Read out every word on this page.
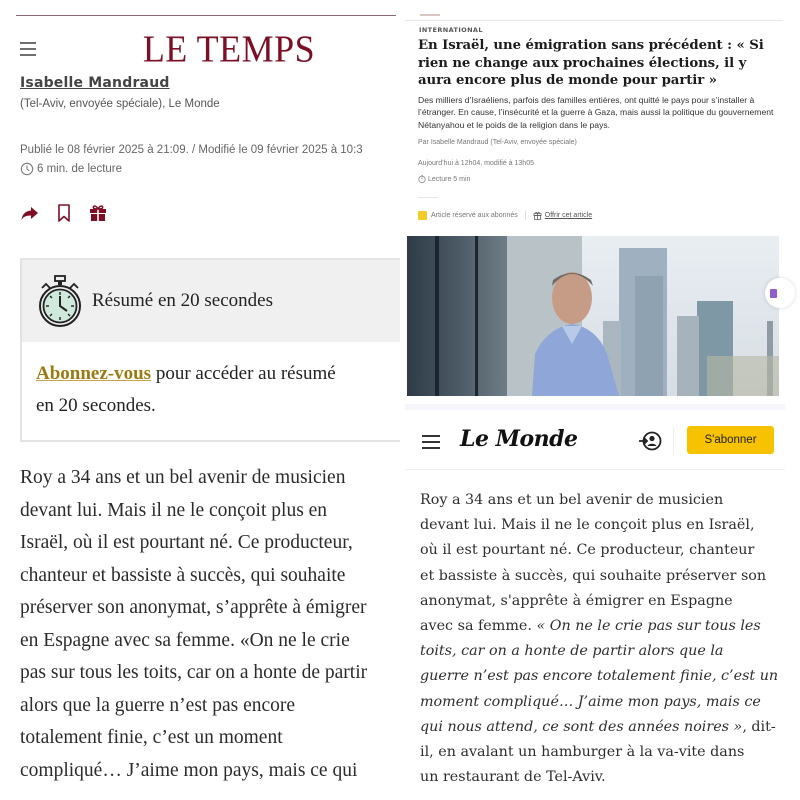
LE TEMPS
Isabelle Mandraud
(Tel-Aviv, envoyée spéciale), Le Monde
Publié le 08 février 2025 à 21:09. / Modifié le 09 février 2025 à 10:3
6 min. de lecture
Résumé en 20 secondes
Abonnez-vous pour accéder au résumé
en 20 secondes.
Roy a 34 ans et un bel avenir de musicien
devant lui. Mais il ne le conçoit plus en
Israël, où il est pourtant né. Ce producteur,
chanteur et bassiste à succès, qui souhaite
préserver son anonymat, s’apprête à émigrer
en Espagne avec sa femme. «On ne le crie
pas sur tous les toits, car on a honte de partir
alors que la guerre n’est pas encore
totalement finie, c’est un moment
compliqué… J’aime mon pays, mais ce qui
INTERNATIONAL
En Israël, une émigration sans précédent : « Si rien ne change aux prochaines élections, il y aura encore plus de monde pour partir »

Des milliers d’Israéliens, parfois des familles entières, ont quitté le pays pour s’installer à l’étranger. En cause, l’insécurité et la guerre à Gaza, mais aussi la politique du gouvernement Nétanyahou et le poids de la religion dans le pays.

Par Isabelle Mandraud (Tel-Aviv, envoyée spéciale)
Aujourd’hui à 12h04, modifié à 13h05
Lecture 5 min
Article réservé aux abonnés	Offrir cet article
Le Monde	S'abonner
Roy a 34 ans et un bel avenir de musicien
devant lui. Mais il ne le conçoit plus en Israël,
où il est pourtant né. Ce producteur, chanteur
et bassiste à succès, qui souhaite préserver son
anonymat, s'apprête à émigrer en Espagne
avec sa femme. « On ne le crie pas sur tous les
toits, car on a honte de partir alors que la
guerre n’est pas encore totalement finie, c’est un
moment compliqué… J’aime mon pays, mais ce
qui nous attend, ce sont des années noires », dit-
il, en avalant un hamburger à la va-vite dans
un restaurant de Tel-Aviv.
